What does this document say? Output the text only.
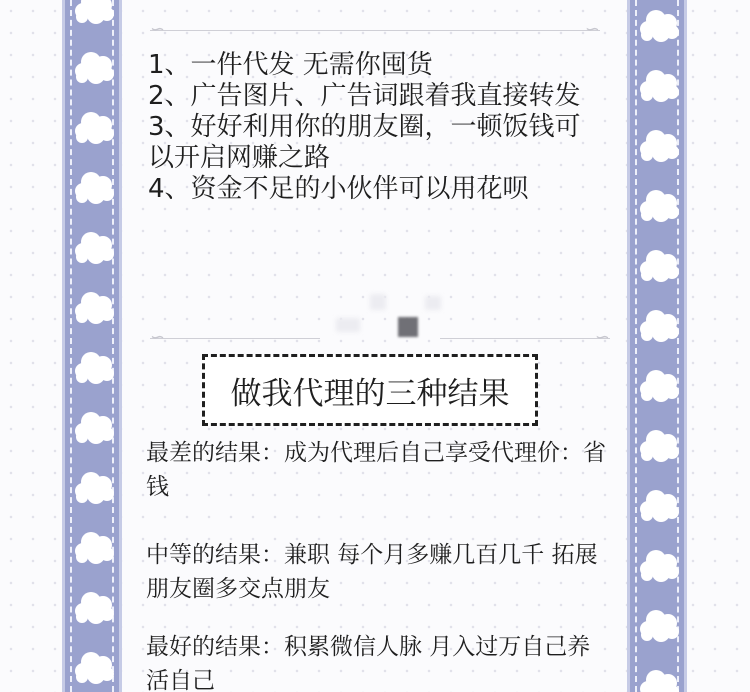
∽	∽
1、一件代发 无需你囤货
2、广告图片、广告词跟着我直接转发
3、好好利用你的朋友圈，一顿饭钱可以开启网赚之路
4、资金不足的小伙伴可以用花呗
∽	∽
做我代理的三种结果
最差的结果：成为代理后自己享受代理价：省钱
中等的结果：兼职 每个月多赚几百几千 拓展朋友圈多交点朋友
最好的结果：积累微信人脉 月入过万自己养活自己
